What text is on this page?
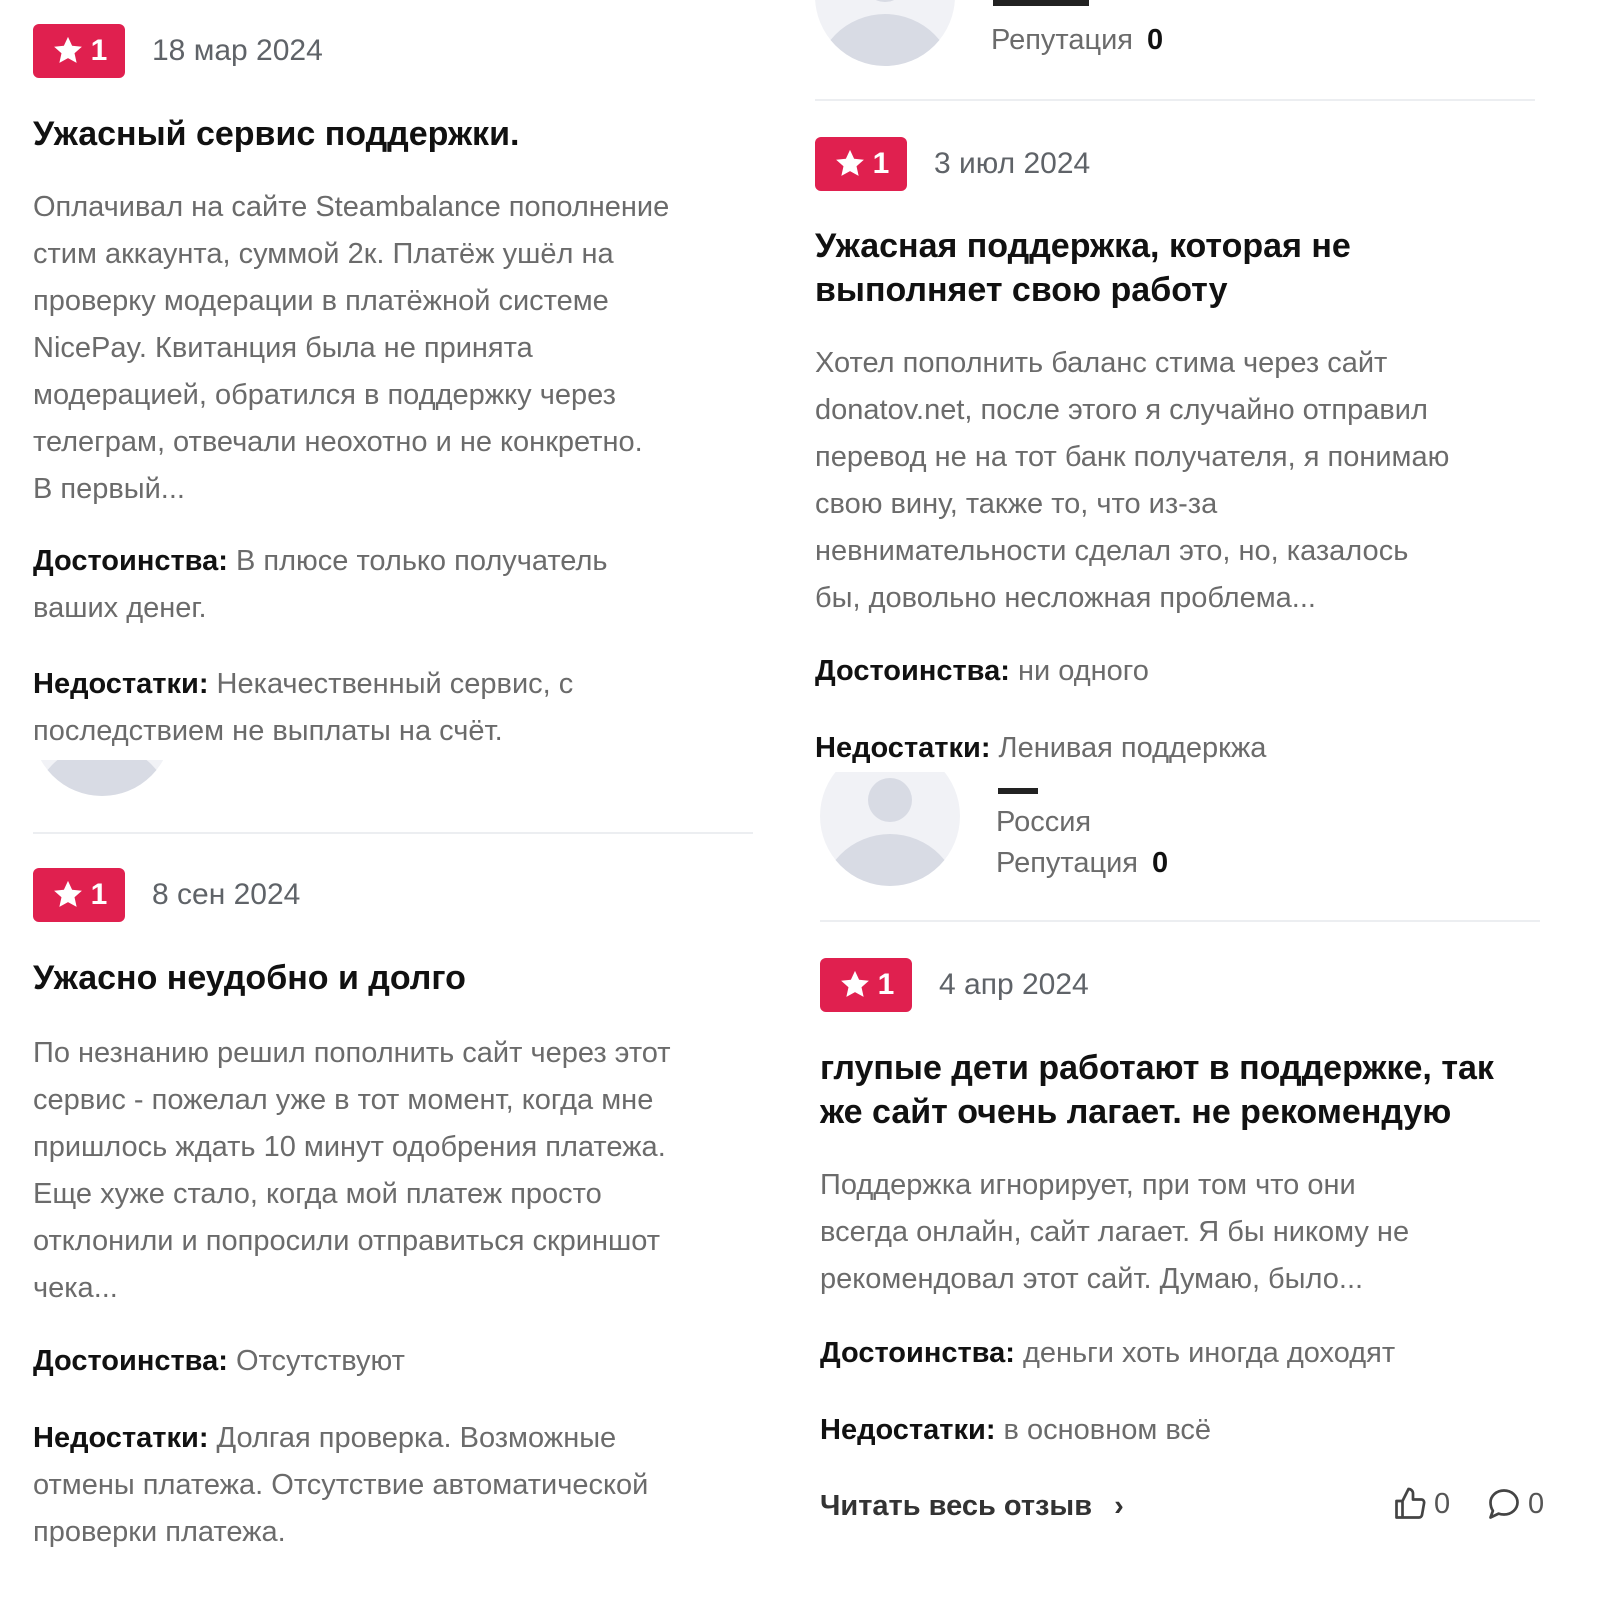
1 18 мар 2024
Ужасный сервис поддержки.
Оплачивал на сайте Steambalance пополнение
стим аккаунта, суммой 2к. Платёж ушёл на
проверку модерации в платёжной системе
NicePay. Квитанция была не принята
модерацией, обратился в поддержку через
телеграм, отвечали неохотно и не конкретно.
В первый...
Достоинства: В плюсе только получатель
ваших денег.
Недостатки: Некачественный сервис, с
последствием не выплаты на счёт.
1 8 сен 2024
Ужасно неудобно и долго
По незнанию решил пополнить сайт через этот
сервис - пожелал уже в тот момент, когда мне
пришлось ждать 10 минут одобрения платежа.
Еще хуже стало, когда мой платеж просто
отклонили и попросили отправиться скриншот
чека...
Достоинства: Отсутствуют
Недостатки: Долгая проверка. Возможные
отмены платежа. Отсутствие автоматической
проверки платежа.
Репутация 0
1 3 июл 2024
Ужасная поддержка, которая не
выполняет свою работу
Хотел пополнить баланс стима через сайт
donatov.net, после этого я случайно отправил
перевод не на тот банк получателя, я понимаю
свою вину, также то, что из-за
невнимательности сделал это, но, казалось
бы, довольно несложная проблема...
Достоинства: ни одного
Недостатки: Ленивая поддеркжа
Россия
Репутация 0
1 4 апр 2024
глупые дети работают в поддержке, так
же сайт очень лагает. не рекомендую
Поддержка игнорирует, при том что они
всегда онлайн, сайт лагает. Я бы никому не
рекомендовал этот сайт. Думаю, было...
Достоинства: деньги хоть иногда доходят
Недостатки: в основном всё
Читать весь отзыв ›	0	0
